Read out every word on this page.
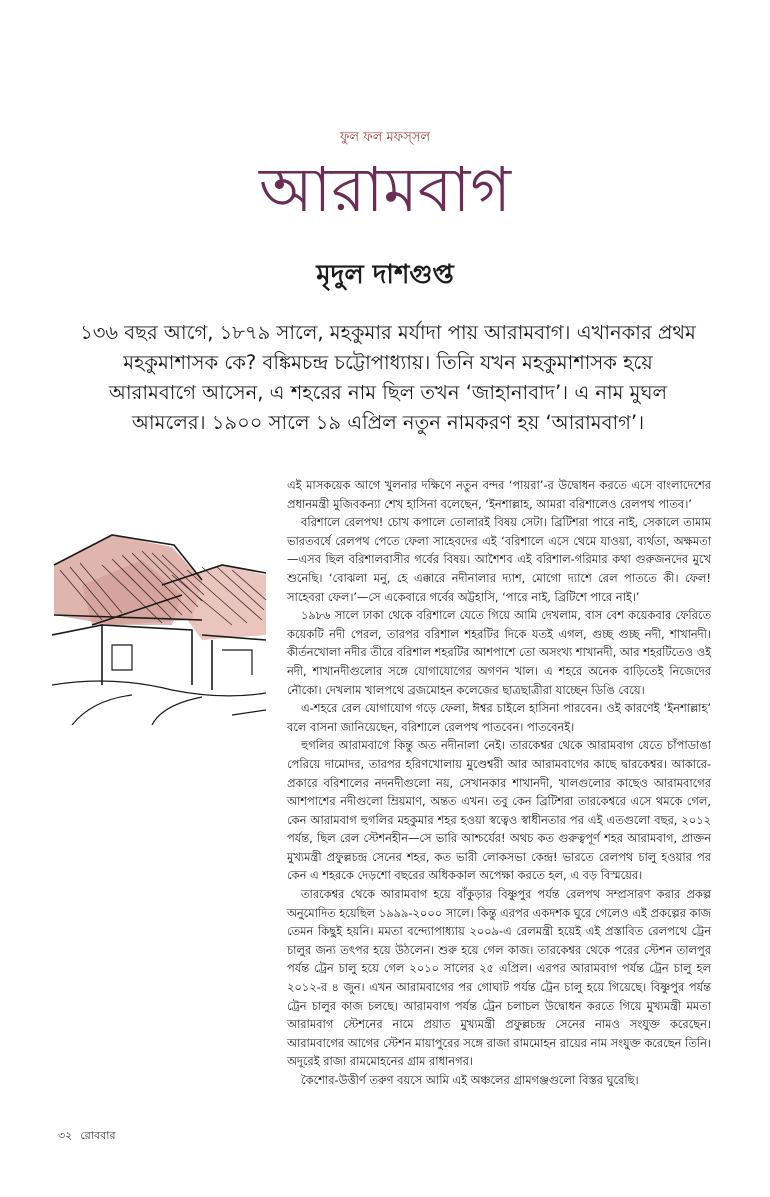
ফুল ফল মফস্‌সল
আরামবাগ
মৃদুল দাশগুপ্ত
১৩৬ বছর আগে, ১৮৭৯ সালে, মহকুমার মর্যাদা পায় আরামবাগ। এখানকার প্রথম মহকুমাশাসক কে? বঙ্কিমচন্দ্র চট্টোপাধ্যায়। তিনি যখন মহকুমাশাসক হয়ে আরামবাগে আসেন, এ শহরের নাম ছিল তখন ‘জাহানাবাদ’। এ নাম মুঘল আমলের। ১৯০০ সালে ১৯ এপ্রিল নতুন নামকরণ হয় ‘আরামবাগ’।

এই মাসকয়েক আগে খুলনার দক্ষিণে নতুন বন্দর ‘পায়রা’-র উদ্বোধন করতে এসে বাংলাদেশের প্রধানমন্ত্রী মুজিবকন্যা শেখ হাসিনা বলেছেন, ‘ইনশাল্লাহ, আমরা বরিশালেও রেলপথ পাতব।’

বরিশালে রেলপথ! চোখ কপালে তোলারই বিষয় সেটা। ব্রিটিশরা পারে নাই, সেকালে তামাম ভারতবর্ষে রেলপথ পেতে ফেলা সাহেবদের এই ‘বরিশালে এসে থেমে যাওয়া, ব্যর্থতা, অক্ষমতা—এসব ছিল বরিশালবাসীর গর্বের বিষয়। আশৈশব এই বরিশাল-গরিমার কথা গুরুজনদের মুখে শুনেছি। ‘বোঝলা মনু, হে এক্কারে নদীনালার দ্যাশ, মোগো দ্যাশে রেল পাততে কী। ফেল! সাহেবরা ফেল।’—সে একেবারে গর্বের অট্টহাসি, ‘পারে নাই, ব্রিটিশে পারে নাই।’

১৯৮৬ সালে ঢাকা থেকে বরিশালে যেতে গিয়ে আমি দেখলাম, বাস বেশ কয়েকবার ফেরিতে কয়েকটি নদী পেরল, তারপর বরিশাল শহরটির দিকে যতই এগল, গুচ্ছ গুচ্ছ নদী, শাখানদী। কীর্তনখোলা নদীর তীরে বরিশাল শহরটির আশপাশে তো অসংখ্য শাখানদী, আর শহরটিতেও ওই নদী, শাখানদীগুলোর সঙ্গে যোগাযোগের অগণন খাল। এ শহরে অনেক বাড়িতেই নিজেদের নৌকো। দেখলাম খালপথে ব্রজমোহন কলেজের ছাত্রছাত্রীরা যাচ্ছেন ডিঙি বেয়ে।

এ-শহরে রেল যোগাযোগ গড়ে ফেলা, ঈশ্বর চাইলে হাসিনা পারবেন। ওই কারণেই ‘ইনশাল্লাহ’ বলে বাসনা জানিয়েছেন, বরিশালে রেলপথ পাতবেন। পাতবেনই।

হুগলির আরামবাগে কিন্তু অত নদীনালা নেই। তারকেশ্বর থেকে আরামবাগ যেতে চাঁপাডাঙা পেরিয়ে দামোদর, তারপর হরিণখোলায় মুণ্ডেশ্বরী আর আরামবাগের কাছে দ্বারকেশ্বর। আকারে-প্রকারে বরিশালের নদনদীগুলো নয়, সেখানকার শাখানদী, খালগুলোর কাছেও আরামবাগের আশপাশের নদীগুলো ম্রিয়মাণ, অন্তত এখন। তবু কেন ব্রিটিশরা তারকেশ্বরে এসে থমকে গেল, কেন আরামবাগ হুগলির মহকুমার শহর হওয়া স্বত্বেও স্বাধীনতার পর এই এতগুলো বছর, ২০১২ পর্যন্ত, ছিল রেল স্টেশনহীন—সে ভারি আশ্চর্যের! অথচ কত গুরুত্বপূর্ণ শহর আরামবাগ, প্রাক্তন মুখ্যমন্ত্রী প্রফুল্লচন্দ্র সেনের শহর, কত ভারী লোকসভা কেন্দ্র! ভারতে রেলপথ চালু হওয়ার পর কেন এ শহরকে দেড়শো বছরের অধিককাল অপেক্ষা করতে হল, এ বড় বিস্ময়ের।

তারকেশ্বর থেকে আরামবাগ হয়ে বাঁকুড়ার বিষ্ণুপুর পর্যন্ত রেলপথ সম্প্রসারণ করার প্রকল্প অনুমোদিত হয়েছিল ১৯৯৯-২০০০ সালে। কিন্তু এরপর একদশক ঘুরে গেলেও এই প্রকল্পের কাজ তেমন কিছুই হয়নি। মমতা বন্দ্যোপাধ্যায় ২০০৯-এ রেলমন্ত্রী হয়েই এই প্রস্তাবিত রেলপথে ট্রেন চালুর জন্য তৎপর হয়ে উঠলেন। শুরু হয়ে গেল কাজ। তারকেশ্বর থেকে পরের স্টেশন তালপুর পর্যন্ত ট্রেন চালু হয়ে গেল ২০১০ সালের ২৫ এপ্রিল। এরপর আরামবাগ পর্যন্ত ট্রেন চালু হল ২০১২-র ৪ জুন। এখন আরামবাগের পর গোঘাট পর্যন্ত ট্রেন চালু হয়ে গিয়েছে। বিষ্ণুপুর পর্যন্ত ট্রেন চালুর কাজ চলছে। আরামবাগ পর্যন্ত ট্রেন চলাচল উদ্বোধন করতে গিয়ে মুখ্যমন্ত্রী মমতা আরামবাগ স্টেশনের নামে প্রয়াত মুখ্যমন্ত্রী প্রফুল্লচন্দ্র সেনের নামও সংযুক্ত করেছেন। আরামবাগের আগের স্টেশন মায়াপুরের সঙ্গে রাজা রামমোহন রায়ের নাম সংযুক্ত করেছেন তিনি। অদূরেই রাজা রামমোহনের গ্রাম রাধানগর।

কৈশোর-উত্তীর্ণ তরুণ বয়সে আমি এই অঞ্চলের গ্রামগঞ্জগুলো বিস্তর ঘুরেছি।

৩২ রোববার
